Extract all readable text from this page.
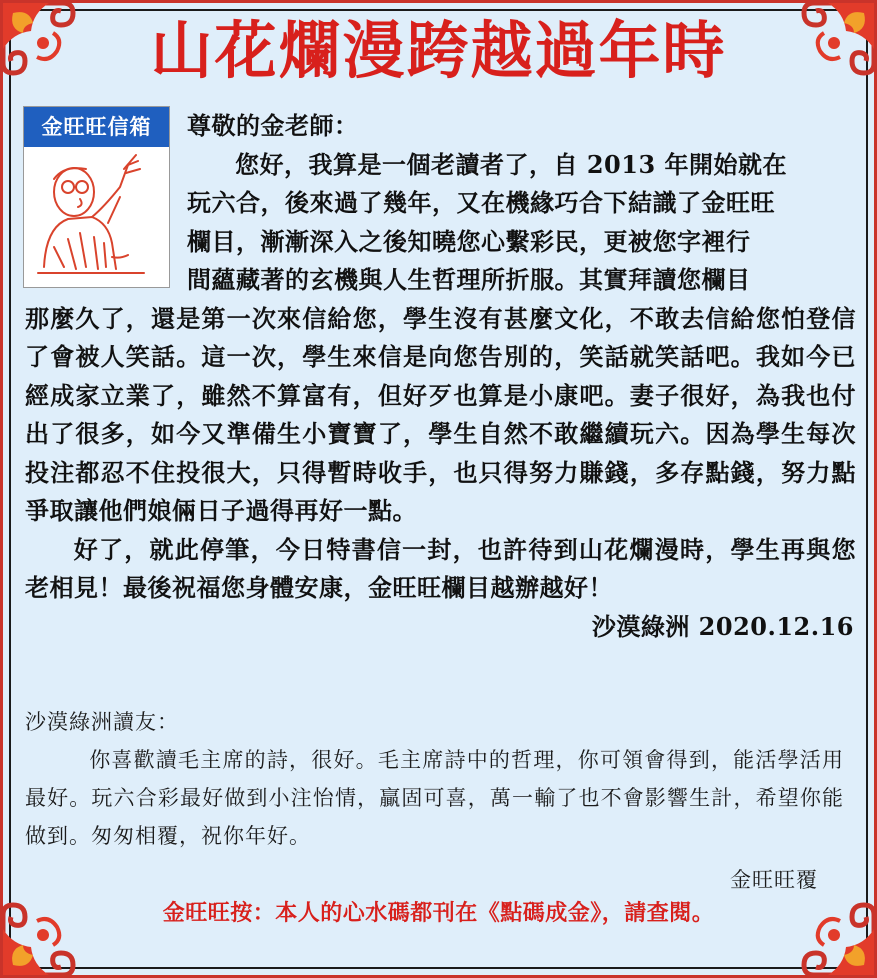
山花爛漫跨越過年時
金旺旺信箱	尊敬的金老師：
您好，我算是一個老讀者了，自 2013 年開始就在
玩六合，後來過了幾年，又在機緣巧合下結識了金旺旺
欄目，漸漸深入之後知曉您心繫彩民，更被您字裡行
間蘊藏著的玄機與人生哲理所折服。其實拜讀您欄目
那麼久了，還是第一次來信給您，學生沒有甚麼文化，不敢去信給您怕登信了會被人笑話。這一次，學生來信是向您告別的，笑話就笑話吧。我如今已經成家立業了，雖然不算富有，但好歹也算是小康吧。妻子很好，為我也付出了很多，如今又準備生小寶寶了，學生自然不敢繼續玩六。因為學生每次投注都忍不住投很大，只得暫時收手，也只得努力賺錢，多存點錢，努力點爭取讓他們娘倆日子過得再好一點。
好了，就此停筆，今日特書信一封，也許待到山花爛漫時，學生再與您老相見！最後祝福您身體安康，金旺旺欄目越辦越好！
沙漠綠洲 2020.12.16
沙漠綠洲讀友：
你喜歡讀毛主席的詩，很好。毛主席詩中的哲理，你可領會得到，能活學活用最好。玩六合彩最好做到小注怡情，贏固可喜，萬一輸了也不會影響生計，希望你能做到。匆匆相覆，祝你年好。
金旺旺覆
金旺旺按：本人的心水碼都刊在《點碼成金》，請查閱。
